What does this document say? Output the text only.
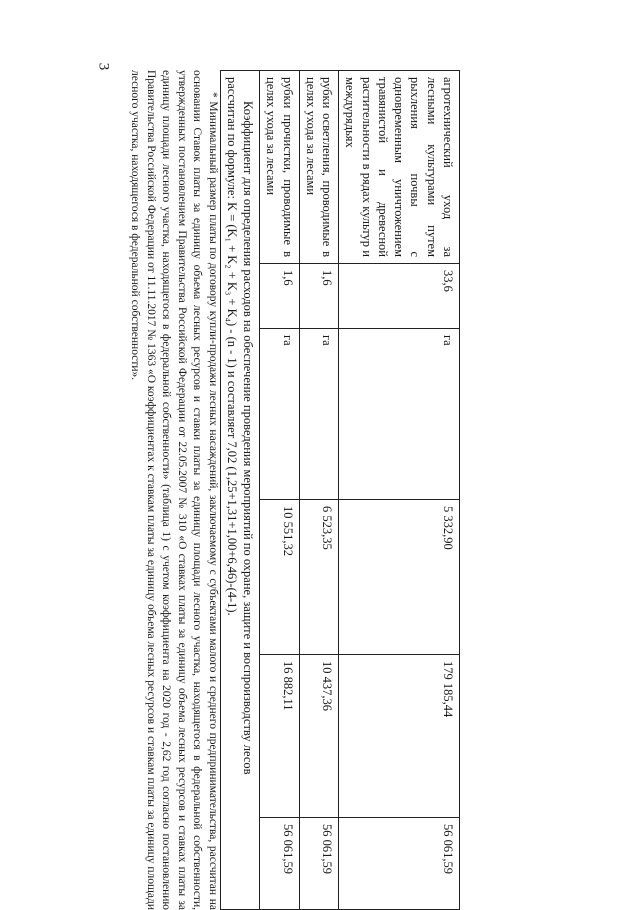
3
агротехнический уход за лесными культурами путем рыхления почвы с одновременным уничтожением травянистой и древесной растительности в рядах культур и междурядьях	33,6	га	5 332,90	179 185,44	56 061,59
рубки осветления, проводимые в целях ухода за лесами	1,6	га	6 523,35	10 437,36	56 061,59
рубки прочистки, проводимые в целях ухода за лесами	1,6	га	10 551,32	16 882,11	56 061,59

Коэффициент для определения расходов на обеспечение проведения мероприятий по охране, защите и воспроизводству лесов
рассчитан по формуле: K = (K₁ + K₂ + K₃ + K₄) - (n - 1) и составляет 7,02 (1,25+1,31+1,00+6,46)-(4-1).					
* Минимальный размер платы по договору купли-продажи лесных насаждений, заключаемому с субъектами малого и среднего предпринимательства, рассчитан на основании Ставок платы за единицу объема лесных ресурсов и ставки платы за единицу площади лесного участка, находящегося в федеральной собственности, утвержденных постановлением Правительства Российской Федерации от 22.05.2007 № 310 «О ставках платы за единицу объема лесных ресурсов и ставках платы за единицу площади лесного участка, находящегося в федеральной собственности» (таблица 1) с учетом коэффициента на 2020 год - 2,62 год согласно постановлению Правительства Российской Федерации от 11.11.2017 № 1363 «О коэффициентах к ставкам платы за единицу объема лесных ресурсов и ставкам платы за единицу площади лесного участка, находящегося в федеральной собственности».
